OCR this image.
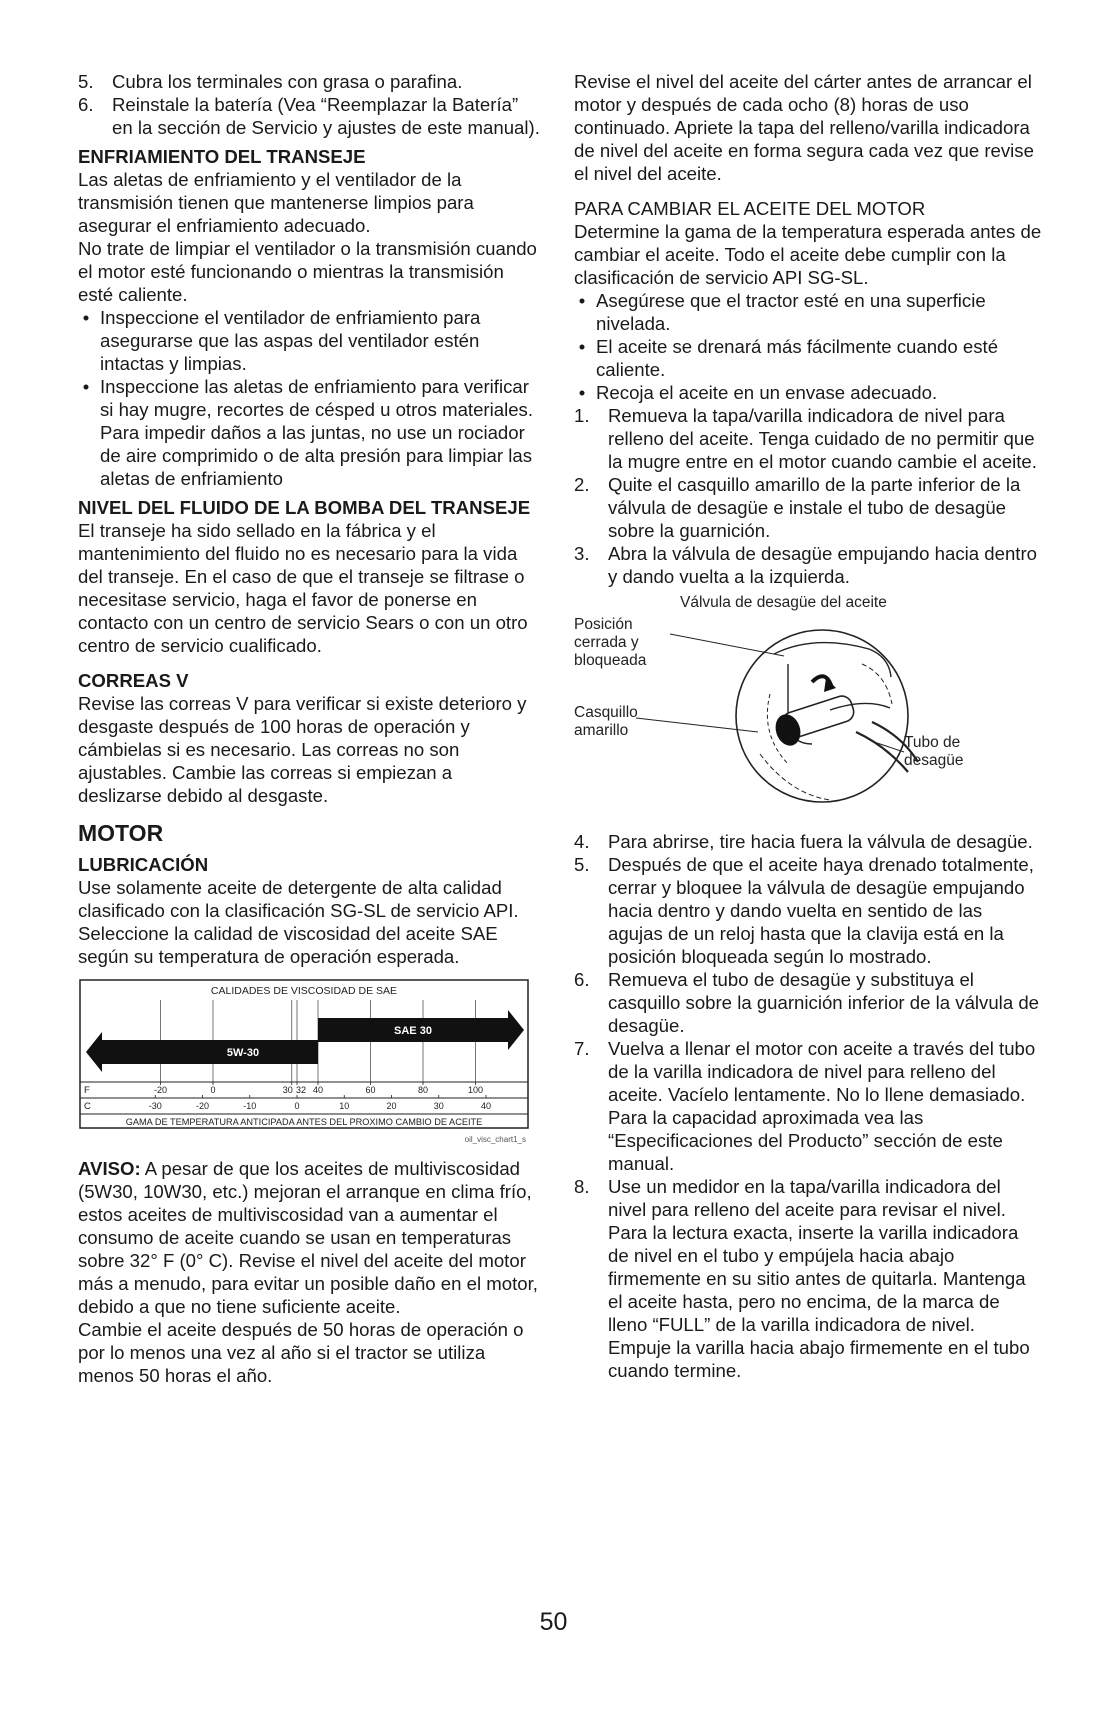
5. Cubra los terminales con grasa o parafina.
6. Reinstale la batería (Vea “Reemplazar la Batería” en la sección de Servicio y ajustes de este manual).
ENFRIAMIENTO DEL TRANSEJE

Las aletas de enfriamiento y el ventilador de la transmisión tienen que mantenerse limpios para asegurar el enfriamiento adecuado.

No trate de limpiar el ventilador o la transmisión cuando el motor esté funcionando o mientras la transmisión esté caliente.

• Inspeccione el ventilador de enfriamiento para asegurarse que las aspas del ventilador estén intactas y limpias.
• Inspeccione las aletas de enfriamiento para verificar si hay mugre, recortes de césped u otros materiales. Para impedir daños a las juntas, no use un rociador de aire comprimido o de alta presión para limpiar las aletas de enfriamiento
NIVEL DEL FLUIDO DE LA BOMBA DEL TRANSEJE

El transeje ha sido sellado en la fábrica y el mantenimiento del fluido no es necesario para la vida del transeje. En el caso de que el transeje se filtrase o necesitase servicio, haga el favor de ponerse en contacto con un centro de servicio Sears o con un otro centro de servicio cualificado.

CORREAS V

Revise las correas V para verificar si existe deterioro y desgaste después de 100 horas de operación y cámbielas si es necesario. Las correas no son ajustables. Cambie las correas si empiezan a deslizarse debido al desgaste.

MOTOR
LUBRICACIÓN

Use solamente aceite de detergente de alta calidad clasificado con la clasificación SG-SL de servicio API. Seleccione la calidad de viscosidad del aceite SAE según su temperatura de operación esperada.

CALIDADES DE VISCOSIDAD DE SAE
5W-30
SAE 30
F
C
-20	0	30 32 40	60	80	100
-30	-20	-10	0	10	20	30	40
GAMA DE TEMPERATURA ANTICIPADA ANTES DEL PROXIMO CAMBIO DE ACEITE
oil_visc_chart1_s

AVISO: A pesar de que los aceites de multiviscosidad (5W30, 10W30, etc.) mejoran el arranque en clima frío, estos aceites de multiviscosidad van a aumentar el consumo de aceite cuando se usan en temperaturas sobre 32° F (0° C). Revise el nivel del aceite del motor más a menudo, para evitar un posible daño en el motor, debido a que no tiene suficiente aceite.

Cambie el aceite después de 50 horas de operación o por lo menos una vez al año si el tractor se utiliza menos 50 horas el año.

Revise el nivel del aceite del cárter antes de arrancar el motor y después de cada ocho (8) horas de uso continuado. Apriete la tapa del relleno/varilla indicadora de nivel del aceite en forma segura cada vez que revise el nivel del aceite.

PARA CAMBIAR EL ACEITE DEL MOTOR

Determine la gama de la temperatura esperada antes de cambiar el aceite. Todo el aceite debe cumplir con la clasificación de servicio API SG-SL.

• Asegúrese que el tractor esté en una superficie nivelada.
• El aceite se drenará más fácilmente cuando esté caliente.
• Recoja el aceite en un envase adecuado.
1. Remueva la tapa/varilla indicadora de nivel para relleno del aceite. Tenga cuidado de no permitir que la mugre entre en el motor cuando cambie el aceite.
2. Quite el casquillo amarillo de la parte inferior de la válvula de desagüe e instale el tubo de desagüe sobre la guarnición.
3. Abra la válvula de desagüe empujando hacia dentro y dando vuelta a la izquierda.
Válvula de desagüe del aceite
Posición cerrada y bloqueada
Casquillo amarillo
Tubo de desagüe
4. Para abrirse, tire hacia fuera la válvula de desagüe.
5. Después de que el aceite haya drenado totalmente, cerrar y bloquee la válvula de desagüe empujando hacia dentro y dando vuelta en sentido de las agujas de un reloj hasta que la clavija está en la posición bloqueada según lo mostrado.
6. Remueva el tubo de desagüe y substituya el casquillo sobre la guarnición inferior de la válvula de desagüe.
7. Vuelva a llenar el motor con aceite a través del tubo de la varilla indicadora de nivel para relleno del aceite. Vacíelo lentamente. No lo llene demasiado. Para la capacidad aproximada vea las “Especificaciones del Producto” sección de este manual.
8. Use un medidor en la tapa/varilla indicadora del nivel para relleno del aceite para revisar el nivel. Para la lectura exacta, inserte la varilla indicadora de nivel en el tubo y empújela hacia abajo firmemente en su sitio antes de quitarla. Mantenga el aceite hasta, pero no encima, de la marca de lleno “FULL” de la varilla indicadora de nivel. Empuje la varilla hacia abajo firmemente en el tubo cuando termine.
50
